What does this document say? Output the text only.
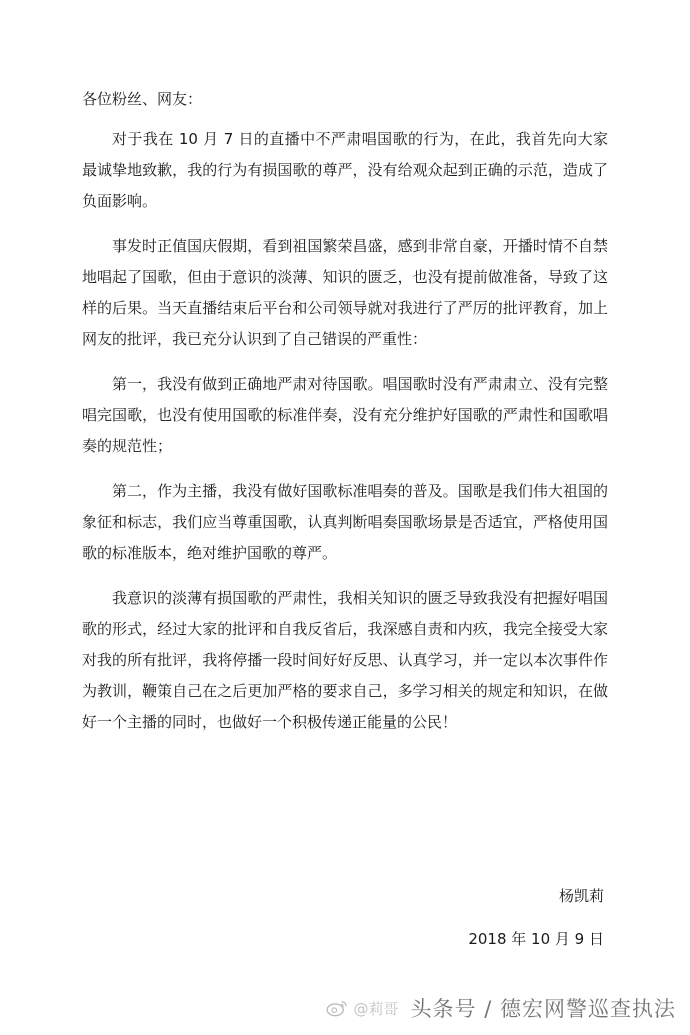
各位粉丝、网友：

对于我在 10 月 7 日的直播中不严肃唱国歌的行为，在此，我首先向大家最诚挚地致歉，我的行为有损国歌的尊严，没有给观众起到正确的示范，造成了负面影响。

事发时正值国庆假期，看到祖国繁荣昌盛，感到非常自豪，开播时情不自禁地唱起了国歌，但由于意识的淡薄、知识的匮乏，也没有提前做准备，导致了这样的后果。当天直播结束后平台和公司领导就对我进行了严厉的批评教育，加上网友的批评，我已充分认识到了自己错误的严重性：

第一，我没有做到正确地严肃对待国歌。唱国歌时没有严肃肃立、没有完整唱完国歌，也没有使用国歌的标准伴奏，没有充分维护好国歌的严肃性和国歌唱奏的规范性；

第二，作为主播，我没有做好国歌标准唱奏的普及。国歌是我们伟大祖国的象征和标志，我们应当尊重国歌，认真判断唱奏国歌场景是否适宜，严格使用国歌的标准版本，绝对维护国歌的尊严。

我意识的淡薄有损国歌的严肃性，我相关知识的匮乏导致我没有把握好唱国歌的形式，经过大家的批评和自我反省后，我深感自责和内疚，我完全接受大家对我的所有批评，我将停播一段时间好好反思、认真学习，并一定以本次事件作为教训，鞭策自己在之后更加严格的要求自己，多学习相关的规定和知识，在做好一个主播的同时，也做好一个积极传递正能量的公民！

杨凯莉
2018 年 10 月 9 日
@莉哥 头条号 / 德宏网警巡查执法
